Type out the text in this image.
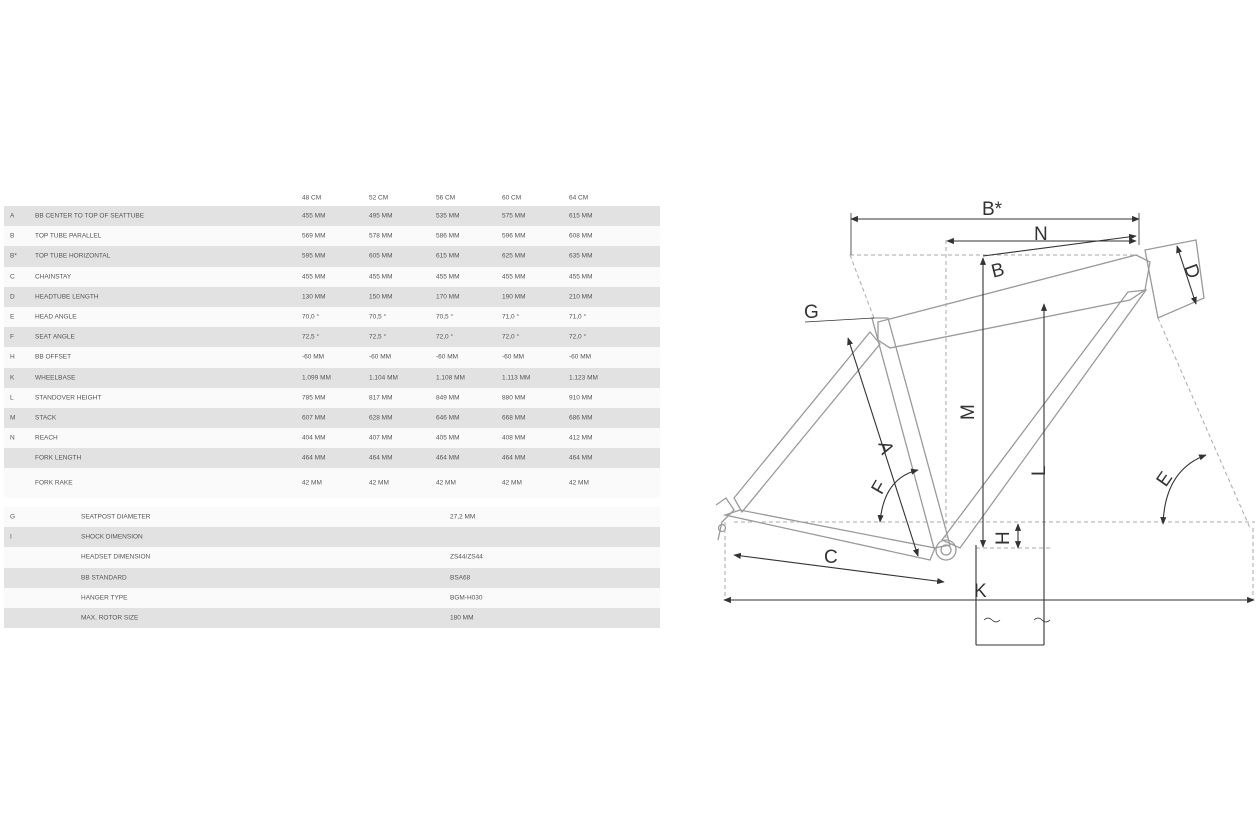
48 CM	52 CM	56 CM	60 CM	64 CM
A	BB CENTER TO TOP OF SEATTUBE	455 MM	495 MM	535 MM	575 MM	615 MM
B	TOP TUBE PARALLEL	569 MM	578 MM	586 MM	596 MM	608 MM
B*	TOP TUBE HORIZONTAL	595 MM	605 MM	615 MM	625 MM	635 MM
C	CHAINSTAY	455 MM	455 MM	455 MM	455 MM	455 MM
D	HEADTUBE LENGTH	130 MM	150 MM	170 MM	190 MM	210 MM
E	HEAD ANGLE	70,0 °	70,5 °	70,5 °	71,0 °	71,0 °
F	SEAT ANGLE	72,5 °	72,5 °	72,0 °	72,0 °	72,0 °
H	BB OFFSET	-60 MM	-60 MM	-60 MM	-60 MM	-60 MM
K	WHEELBASE	1.099 MM	1.104 MM	1.108 MM	1.113 MM	1.123 MM
L	STANDOVER HEIGHT	785 MM	817 MM	849 MM	880 MM	910 MM
M	STACK	607 MM	628 MM	646 MM	668 MM	686 MM
N	REACH	404 MM	407 MM	405 MM	408 MM	412 MM
FORK LENGTH	464 MM	464 MM	464 MM	464 MM	464 MM
FORK RAKE	42 MM	42 MM	42 MM	42 MM	42 MM
G	SEATPOST DIAMETER	27,2 MM
I	SHOCK DIMENSION
HEADSET DIMENSION	ZS44/ZS44
BB STANDARD	BSA68
HANGER TYPE	BGM-H030
MAX. ROTOR SIZE	180 MM
B*
N
B	D
G
M
L
A
F	E
H
C
K
